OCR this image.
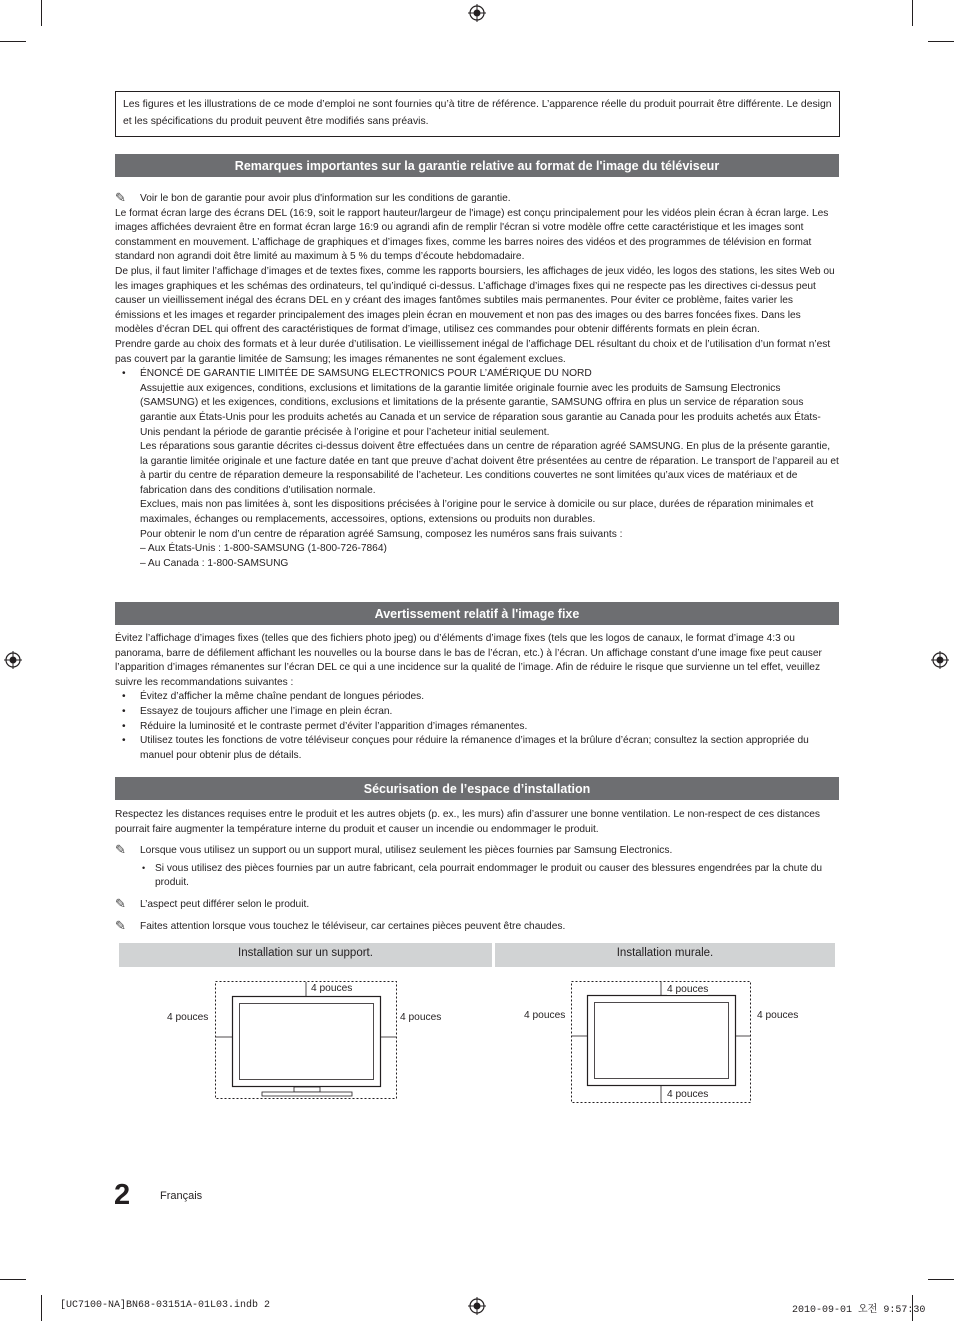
Les figures et les illustrations de ce mode d’emploi ne sont fournies qu’à titre de référence. L’apparence réelle du produit pourrait être différente. Le design et les spécifications du produit peuvent être modifiés sans préavis.
Remarques importantes sur la garantie relative au format de l'image du téléviseur

✎ Voir le bon de garantie pour avoir plus d'information sur les conditions de garantie.

Le format écran large des écrans DEL (16:9, soit le rapport hauteur/largeur de l'image) est conçu principalement pour les vidéos plein écran à écran large. Les images affichées devraient être en format écran large 16:9 ou agrandi afin de remplir l'écran si votre modèle offre cette caractéristique et les images sont constamment en mouvement. L’affichage de graphiques et d’images fixes, comme les barres noires des vidéos et des programmes de télévision en format standard non agrandi doit être limité au maximum à 5 % du temps d’écoute hebdomadaire.

De plus, il faut limiter l’affichage d’images et de textes fixes, comme les rapports boursiers, les affichages de jeux vidéo, les logos des stations, les sites Web ou les images graphiques et les schémas des ordinateurs, tel qu’indiqué ci-dessus. L’affichage d’images fixes qui ne respecte pas les directives ci-dessus peut causer un vieillissement inégal des écrans DEL en y créant des images fantômes subtiles mais permanentes. Pour éviter ce problème, faites varier les émissions et les images et regarder principalement des images plein écran en mouvement et non pas des images ou des barres foncées fixes. Dans les modèles d’écran DEL qui offrent des caractéristiques de format d’image, utilisez ces commandes pour obtenir différents formats en plein écran.

Prendre garde au choix des formats et à leur durée d’utilisation. Le vieillissement inégal de l’affichage DEL résultant du choix et de l’utilisation d’un format n’est pas couvert par la garantie limitée de Samsung; les images rémanentes ne sont également exclues.

• ÉNONCÉ DE GARANTIE LIMITÉE DE SAMSUNG ELECTRONICS POUR L’AMÉRIQUE DU NORD

Assujettie aux exigences, conditions, exclusions et limitations de la garantie limitée originale fournie avec les produits de Samsung Electronics (SAMSUNG) et les exigences, conditions, exclusions et limitations de la présente garantie, SAMSUNG offrira en plus un service de réparation sous garantie aux États-Unis pour les produits achetés au Canada et un service de réparation sous garantie au Canada pour les produits achetés aux États-Unis pendant la période de garantie précisée à l’origine et pour l’acheteur initial seulement.

Les réparations sous garantie décrites ci-dessus doivent être effectuées dans un centre de réparation agréé SAMSUNG. En plus de la présente garantie, la garantie limitée originale et une facture datée en tant que preuve d’achat doivent être présentées au centre de réparation. Le transport de l’appareil au et à partir du centre de réparation demeure la responsabilité de l’acheteur. Les conditions couvertes ne sont limitées qu’aux vices de matériaux et de fabrication dans des conditions d’utilisation normale.

Exclues, mais non pas limitées à, sont les dispositions précisées à l’origine pour le service à domicile ou sur place, durées de réparation minimales et maximales, échanges ou remplacements, accessoires, options, extensions ou produits non durables.

Pour obtenir le nom d’un centre de réparation agréé Samsung, composez les numéros sans frais suivants :

– Aux États-Unis : 1-800-SAMSUNG (1-800-726-7864)

– Au Canada : 1-800-SAMSUNG

Avertissement relatif à l'image fixe

Évitez l’affichage d’images fixes (telles que des fichiers photo jpeg) ou d’éléments d’image fixes (tels que les logos de canaux, le format d’image 4:3 ou panorama, barre de défilement affichant les nouvelles ou la bourse dans le bas de l’écran, etc.) à l’écran. Un affichage constant d’une image fixe peut causer l’apparition d’images rémanentes sur l’écran DEL ce qui a une incidence sur la qualité de l’image. Afin de réduire le risque que survienne un tel effet, veuillez suivre les recommandations suivantes :

• Évitez d’afficher la même chaîne pendant de longues périodes.

• Essayez de toujours afficher une l’image en plein écran.

• Réduire la luminosité et le contraste permet d’éviter l’apparition d’images rémanentes.

• Utilisez toutes les fonctions de votre téléviseur conçues pour réduire la rémanence d’images et la brûlure d’écran; consultez la section appropriée du manuel pour obtenir plus de détails.

Sécurisation de l’espace d’installation

Respectez les distances requises entre le produit et les autres objets (p. ex., les murs) afin d’assurer une bonne ventilation. Le non-respect de ces distances pourrait faire augmenter la température interne du produit et causer un incendie ou endommager le produit.

✎ Lorsque vous utilisez un support ou un support mural, utilisez seulement les pièces fournies par Samsung Electronics.

• Si vous utilisez des pièces fournies par un autre fabricant, cela pourrait endommager le produit ou causer des blessures engendrées par la chute du produit.

✎ L’aspect peut différer selon le produit.

✎ Faites attention lorsque vous touchez le téléviseur, car certaines pièces peuvent être chaudes.

Installation sur un support.	Installation murale.
4 pouces
4 pouces	4 pouces
4 pouces
4 pouces	4 pouces
4 pouces
2	Français
[UC7100-NA]BN68-03151A-01L03.indb 2	2010-09-01 오전 9:57:30
